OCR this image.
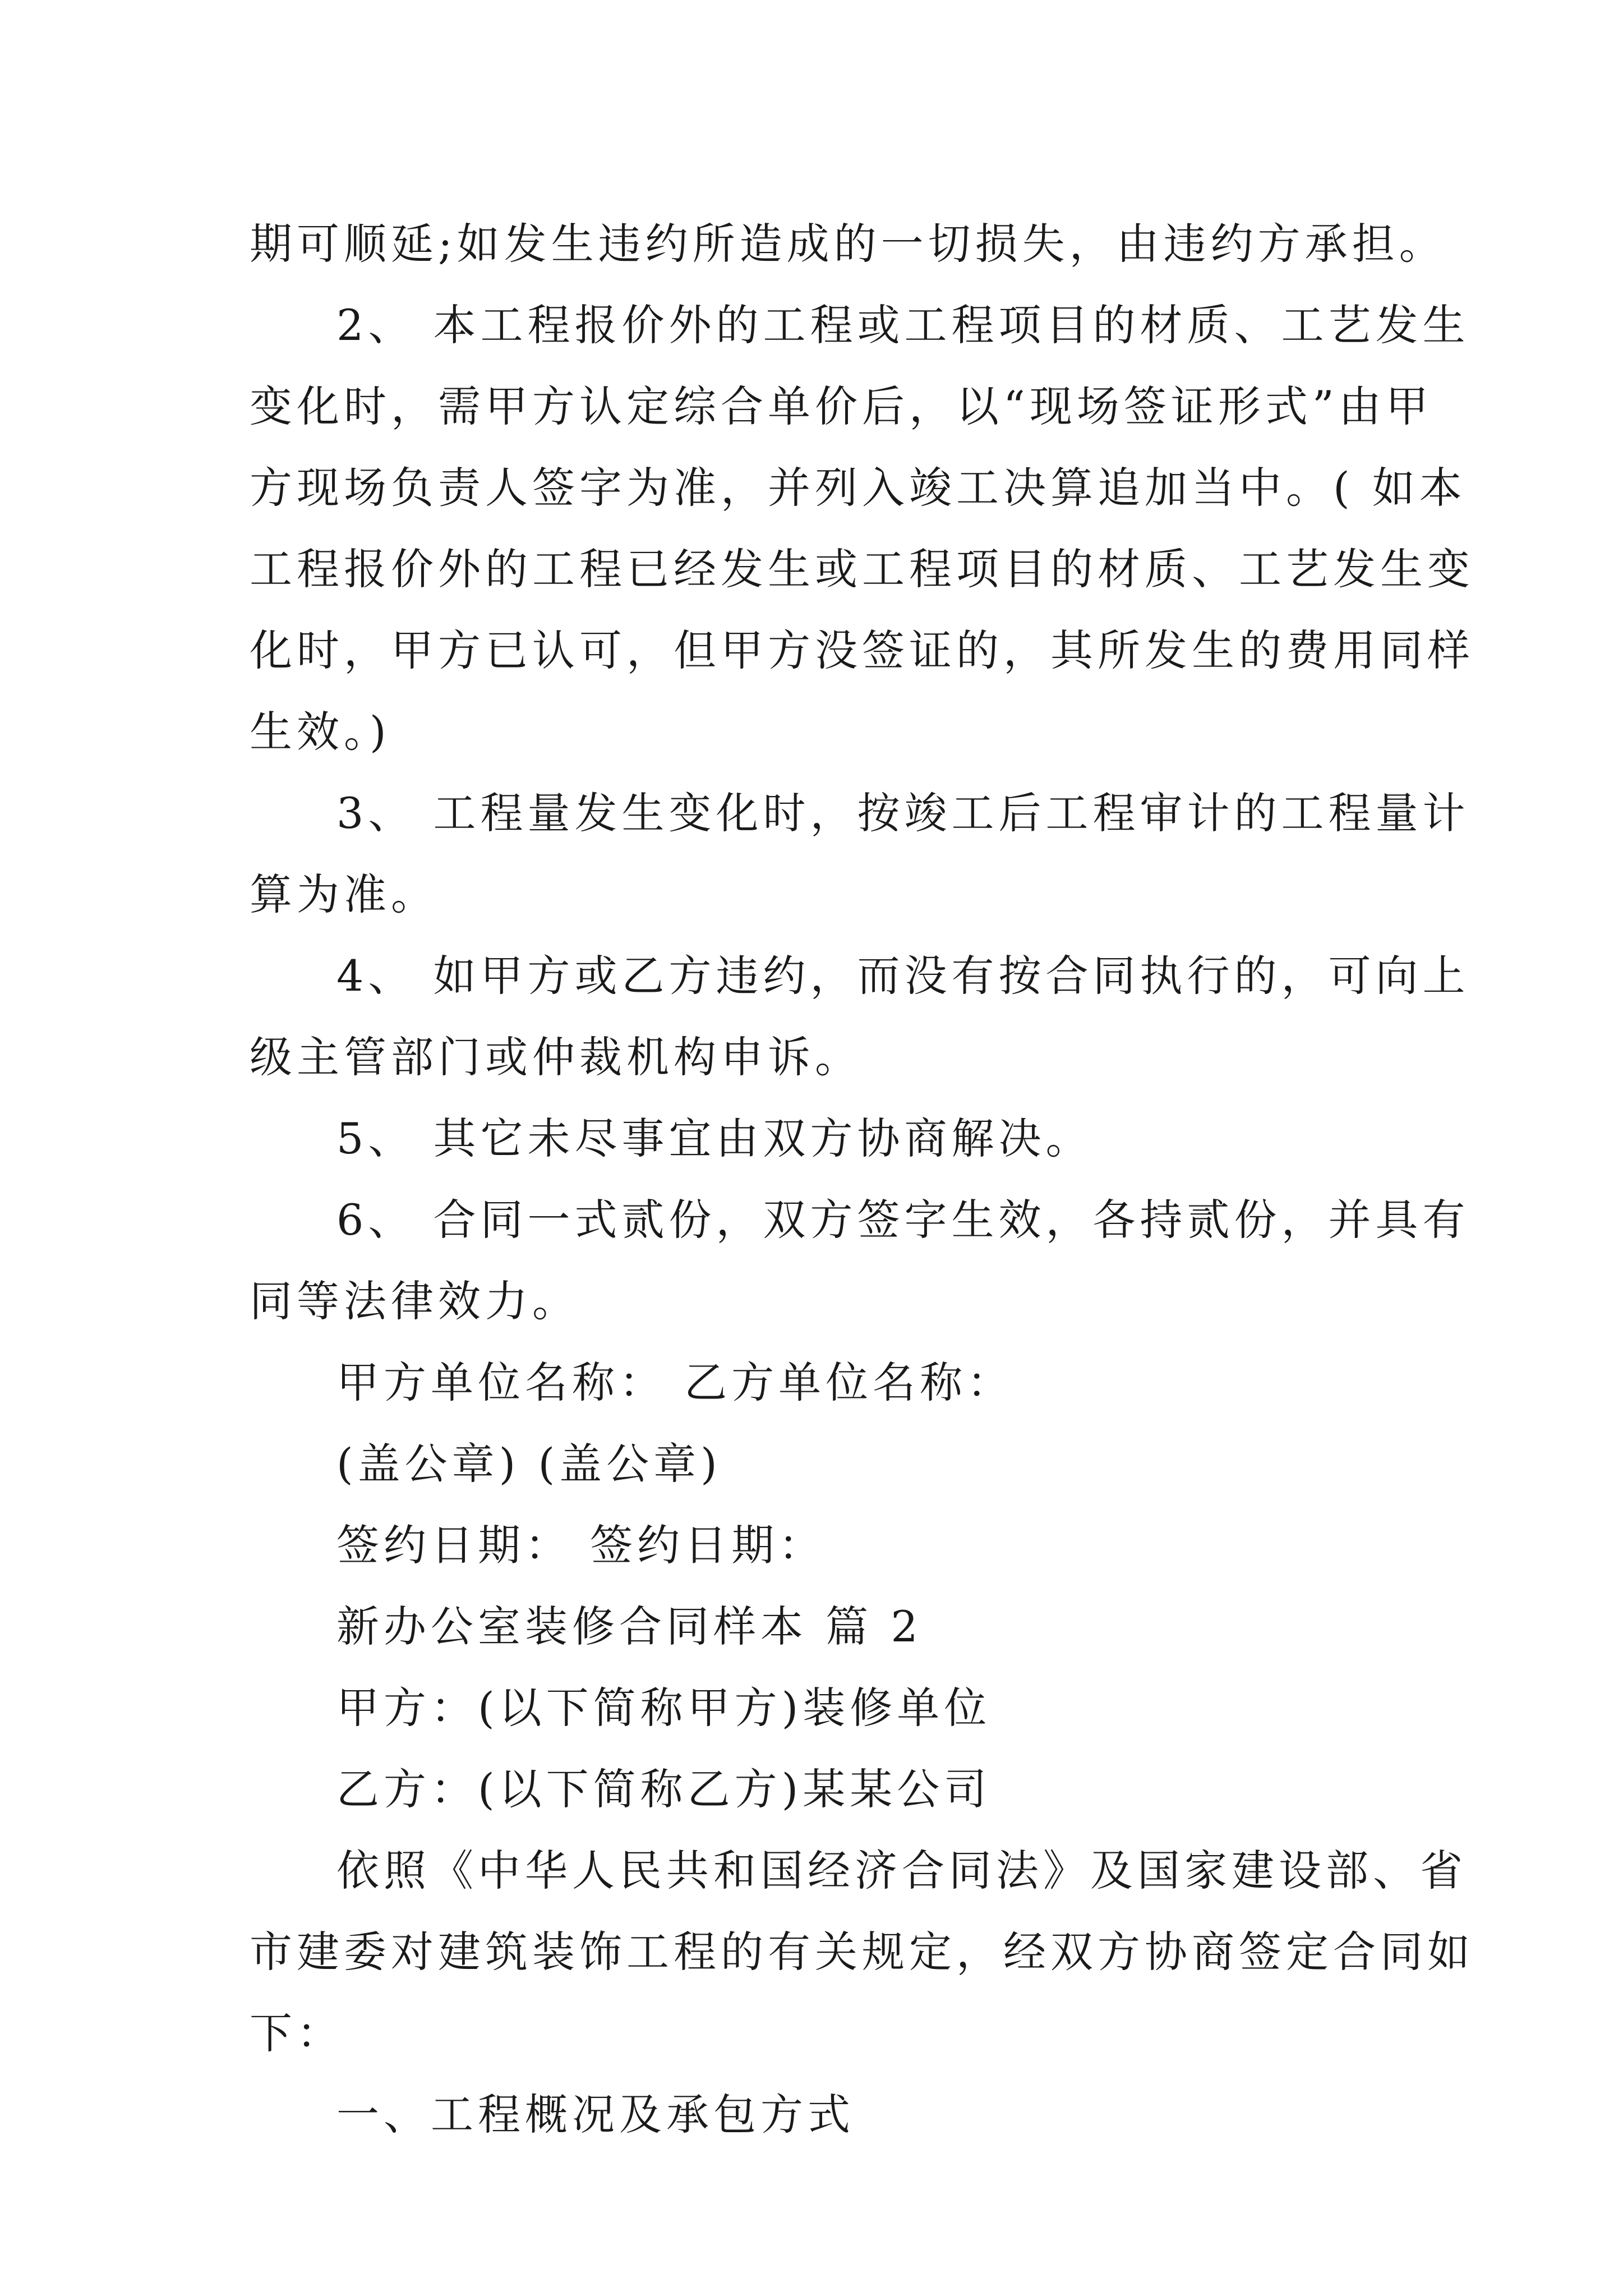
期可顺延;如发生违约所造成的一切损失，由违约方承担。

2、 本工程报价外的工程或工程项目的材质、工艺发生

变化时，需甲方认定综合单价后，以“现场签证形式”由甲

方现场负责人签字为准，并列入竣工决算追加当中。( 如本

工程报价外的工程已经发生或工程项目的材质、工艺发生变

化时，甲方已认可，但甲方没签证的，其所发生的费用同样

生效。)

3、 工程量发生变化时，按竣工后工程审计的工程量计

算为准。

4、 如甲方或乙方违约，而没有按合同执行的，可向上

级主管部门或仲裁机构申诉。

5、 其它未尽事宜由双方协商解决。

6、 合同一式贰份，双方签字生效，各持贰份，并具有

同等法律效力。

甲方单位名称： 乙方单位名称：

(盖公章) (盖公章)

签约日期： 签约日期：

新办公室装修合同样本 篇 2

甲方：(以下简称甲方)装修单位

乙方：(以下简称乙方)某某公司

依照《中华人民共和国经济合同法》及国家建设部、省

市建委对建筑装饰工程的有关规定，经双方协商签定合同如

下：

一、工程概况及承包方式
